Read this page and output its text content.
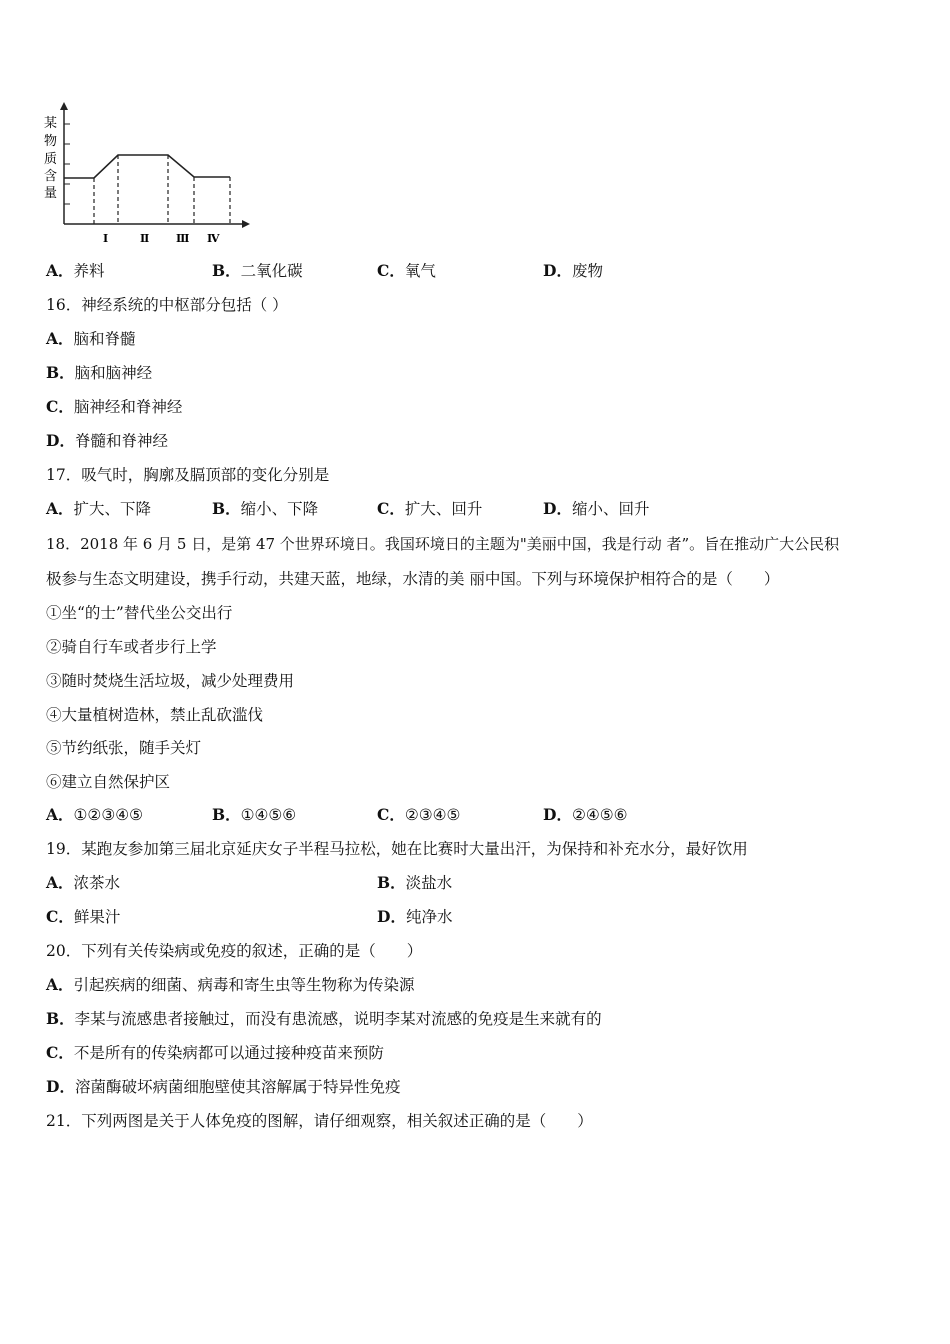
某
物
质
含
量
Ⅰ	Ⅱ Ⅲ Ⅳ
A．养料	B．二氧化碳	C．氧气	D．废物
16．神经系统的中枢部分包括（ ）
A．脑和脊髓
B．脑和脑神经
C．脑神经和脊神经
D．脊髓和脊神经
17．吸气时，胸廓及膈顶部的变化分别是
A．扩大、下降	B．缩小、下降	C．扩大、回升	D．缩小、回升
18．2018 年 6 月 5 日，是第 47 个世界环境日。我国环境日的主题为"美丽中国，我是行动 者”。旨在推动广大公民积
极参与生态文明建设，携手行动，共建天蓝，地绿，水清的美 丽中国。下列与环境保护相符合的是（　　）
①坐“的士”替代坐公交出行
②骑自行车或者步行上学
③随时焚烧生活垃圾，减少处理费用
④大量植树造林，禁止乱砍滥伐
⑤节约纸张，随手关灯
⑥建立自然保护区
A．①②③④⑤	B．①④⑤⑥	C．②③④⑤	D．②④⑤⑥
19．某跑友参加第三届北京延庆女子半程马拉松，她在比赛时大量出汗，为保持和补充水分，最好饮用
A．浓茶水	B．淡盐水
C．鲜果汁	D．纯净水
20．下列有关传染病或免疫的叙述，正确的是（　　）
A．引起疾病的细菌、病毒和寄生虫等生物称为传染源
B．李某与流感患者接触过，而没有患流感，说明李某对流感的免疫是生来就有的
C．不是所有的传染病都可以通过接种疫苗来预防
D．溶菌酶破坏病菌细胞壁使其溶解属于特异性免疫
21．下列两图是关于人体免疫的图解，请仔细观察，相关叙述正确的是（　　）
